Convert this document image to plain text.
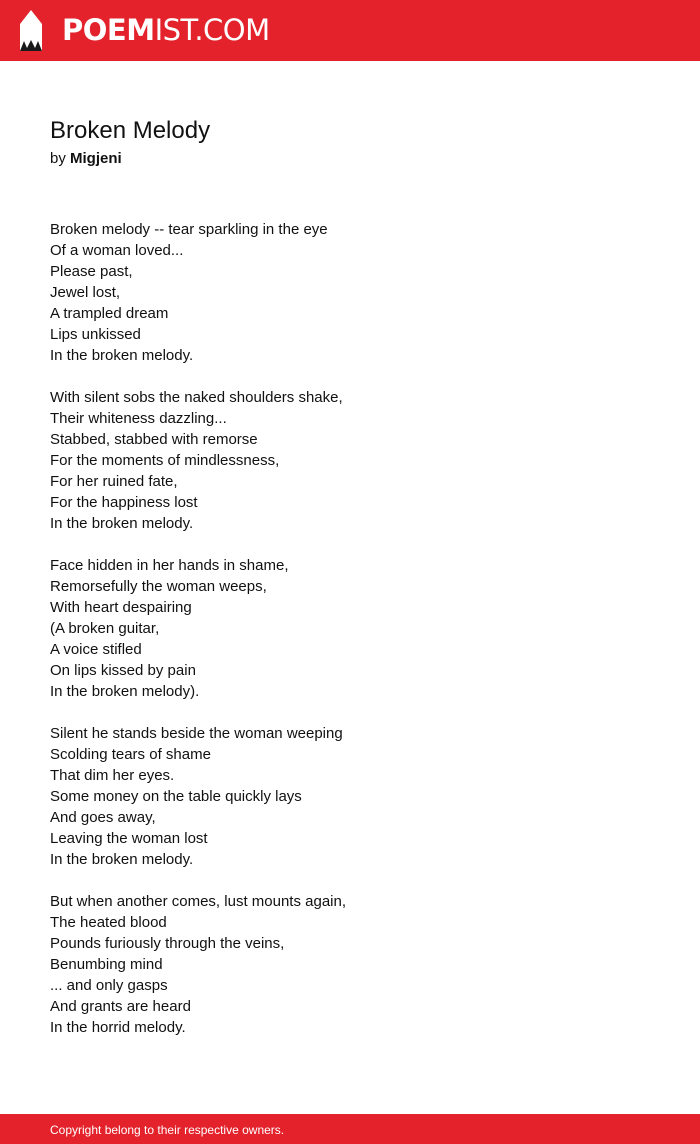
POEMIST.COM
Broken Melody
by Migjeni
Broken melody -- tear sparkling in the eye
Of a woman loved...
Please past,
Jewel lost,
A trampled dream
Lips unkissed
In the broken melody.
With silent sobs the naked shoulders shake,
Their whiteness dazzling...
Stabbed, stabbed with remorse
For the moments of mindlessness,
For her ruined fate,
For the happiness lost
In the broken melody.
Face hidden in her hands in shame,
Remorsefully the woman weeps,
With heart despairing
(A broken guitar,
A voice stifled
On lips kissed by pain
In the broken melody).
Silent he stands beside the woman weeping
Scolding tears of shame
That dim her eyes.
Some money on the table quickly lays
And goes away,
Leaving the woman lost
In the broken melody.
But when another comes, lust mounts again,
The heated blood
Pounds furiously through the veins,
Benumbing mind
... and only gasps
And grants are heard
In the horrid melody.
Copyright belong to their respective owners.
